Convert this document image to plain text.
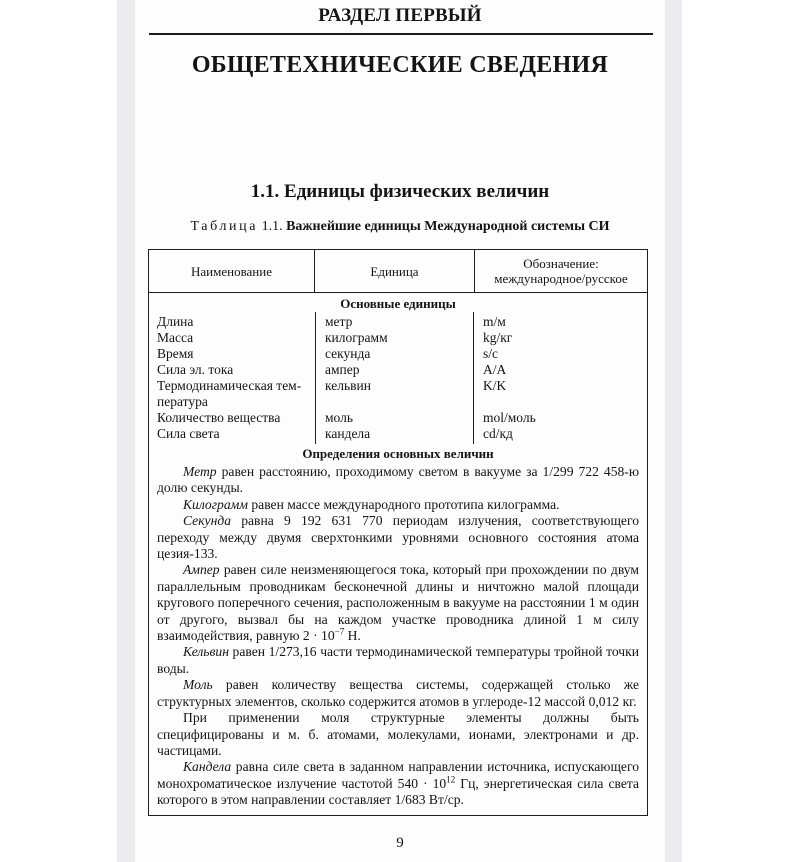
РАЗДЕЛ ПЕРВЫЙ
ОБЩЕТЕХНИЧЕСКИЕ СВЕДЕНИЯ
1.1. Единицы физических величин
Таблица 1.1. Важнейшие единицы Международной системы СИ
Наименование	Единица	Обозначение:
международное/русское
Основные единицы
Длина	метр	m/м
Масса	килограмм	kg/кг
Время	секунда	s/c
Сила эл. тока	ампер	A/A
Термодинамическая тем-
пература
кельвин	K/K
Количество вещества	моль	mol/моль
Сила света	кандела	cd/кд
Определения основных величин

Метр равен расстоянию, проходимому светом в вакууме за 1/299 722 458-ю долю секунды.

Килограмм равен массе международного прототипа килограмма.

Секунда равна 9 192 631 770 периодам излучения, соответствующего переходу между двумя сверхтонкими уровнями основного состояния атома цезия-133.

Ампер равен силе неизменяющегося тока, который при прохождении по двум параллельным проводникам бесконечной длины и ничтожно малой площади кругового поперечного сечения, расположенным в вакууме на расстоянии 1 м один от другого, вызвал бы на каждом участке проводника длиной 1 м силу взаимодействия, равную $2 \cdot 10^{-7}$ Н.

Кельвин равен 1/273,16 части термодинамической температуры тройной точки воды.

Моль равен количеству вещества системы, содержащей столько же структурных элементов, сколько содержится атомов в углероде-12 массой 0,012 кг.

При применении моля структурные элементы должны быть специфицированы и м. б. атомами, молекулами, ионами, электронами и др. частицами.

Кандела равна силе света в заданном направлении источника, испускающего монохроматическое излучение частотой $540 \cdot 10^{12}$ Гц, энергетическая сила света которого в этом направлении составляет 1/683 Вт/ср.

9
